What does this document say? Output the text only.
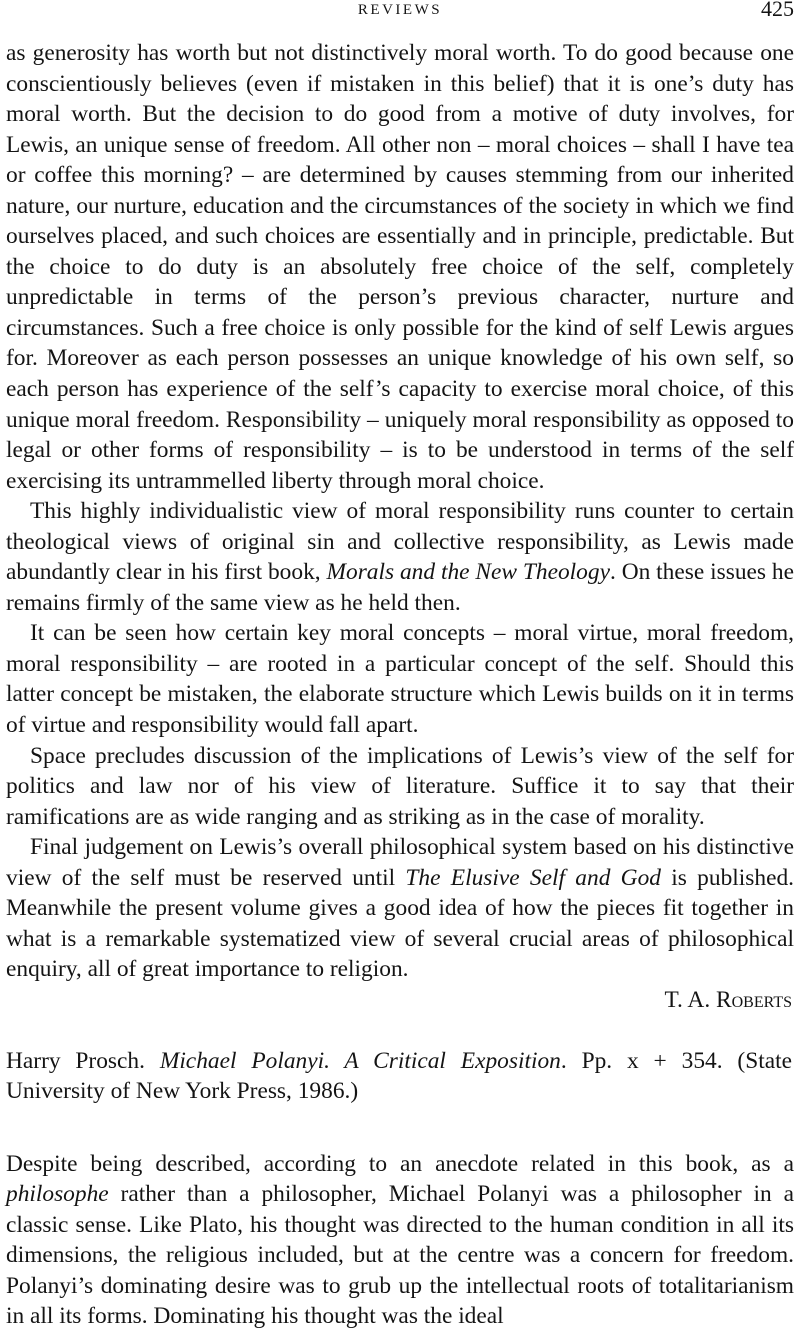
REVIEWS	425

as generosity has worth but not distinctively moral worth. To do good because one conscientiously believes (even if mistaken in this belief) that it is one’s duty has moral worth. But the decision to do good from a motive of duty involves, for Lewis, an unique sense of freedom. All other non – moral choices – shall I have tea or coffee this morning? – are determined by causes stemming from our inherited nature, our nurture, education and the circumstances of the society in which we find ourselves placed, and such choices are essentially and in principle, predictable. But the choice to do duty is an absolutely free choice of the self, completely unpredictable in terms of the person’s previous character, nurture and circumstances. Such a free choice is only possible for the kind of self Lewis argues for. Moreover as each person possesses an unique knowledge of his own self, so each person has experience of the self’s capacity to exercise moral choice, of this unique moral freedom. Responsibility – uniquely moral responsibility as opposed to legal or other forms of responsibility – is to be understood in terms of the self exercising its untrammelled liberty through moral choice.

This highly individualistic view of moral responsibility runs counter to certain theological views of original sin and collective responsibility, as Lewis made abundantly clear in his first book, Morals and the New Theology. On these issues he remains firmly of the same view as he held then.

It can be seen how certain key moral concepts – moral virtue, moral freedom, moral responsibility – are rooted in a particular concept of the self. Should this latter concept be mistaken, the elaborate structure which Lewis builds on it in terms of virtue and responsibility would fall apart.

Space precludes discussion of the implications of Lewis’s view of the self for politics and law nor of his view of literature. Suffice it to say that their ramifications are as wide ranging and as striking as in the case of morality.

Final judgement on Lewis’s overall philosophical system based on his distinctive view of the self must be reserved until The Elusive Self and God is published. Meanwhile the present volume gives a good idea of how the pieces fit together in what is a remarkable systematized view of several crucial areas of philosophical enquiry, all of great importance to religion.

T. A. Roberts

Harry Prosch. Michael Polanyi. A Critical Exposition. Pp. x + 354. (State University of New York Press, 1986.)

Despite being described, according to an anecdote related in this book, as a philosophe rather than a philosopher, Michael Polanyi was a philosopher in a classic sense. Like Plato, his thought was directed to the human condition in all its dimensions, the religious included, but at the centre was a concern for freedom. Polanyi’s dominating desire was to grub up the intellectual roots of totalitarianism in all its forms. Dominating his thought was the ideal
